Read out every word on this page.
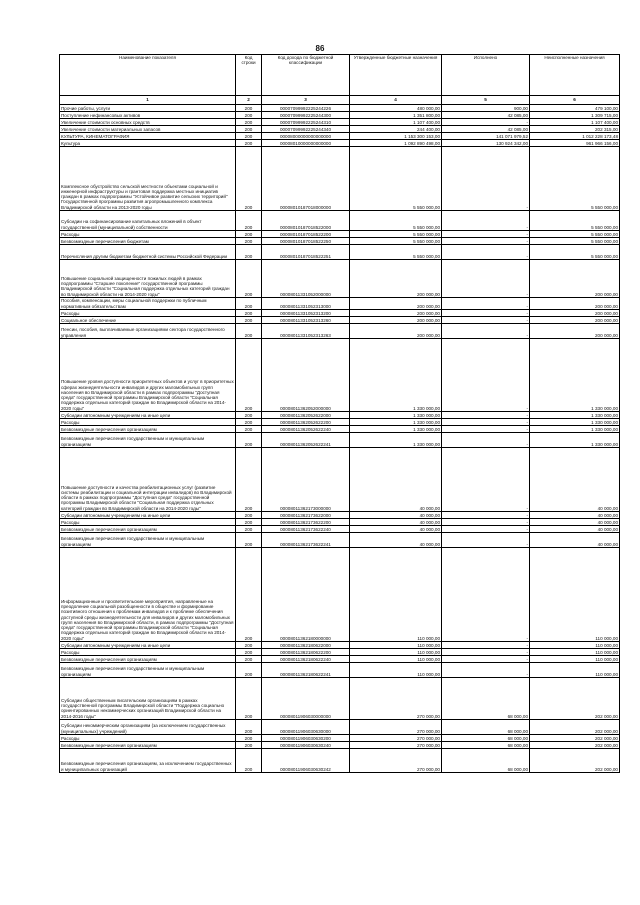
86
Наименование показателя	Код строки	Код дохода по бюджетной классификации	Утвержденные бюджетные назначения	Исполнено	Неисполненные назначения
1	2	3	4	5	6
Прочие работы, услуги	200	00007099992225244226	480 000,00	900,00	479 100,00
Поступление нефинансовых активов	200	00007099992225244300	1 351 800,00	42 085,00	1 309 715,00
Увеличение стоимости основных средств	200	00007099992225244310	1 107 400,00	-	1 107 400,00
Увеличение стоимости материальных запасов	200	00007099992225244340	244 400,00	42 085,00	202 315,00
КУЛЬТУРА, КИНЕМАТОГРАФИЯ	200	00008000000000000000	1 153 300 153,00	141 071 979,52	1 012 228 173,48
Культура	200	00008010000000000000	1 092 890 498,00	130 924 342,00	961 966 156,00
Комплексное обустройство сельской местности объектами социальной и инженерной инфраструктуры и грантовая поддержка местных инициатив граждан в рамках подпрограммы "Устойчивое развитие сельских территорий" Государственной программы развития агропромышленного комплекса Владимирской области на 2013-2020 годы	200	00008010187018000000	5 550 000,00	-	5 550 000,00
Субсидии на софинансирование капитальных вложений в объект государственной (муниципальной) собственности	200	00008010187018522000	5 550 000,00	-	5 550 000,00
Расходы	200	00008010187018522200	5 550 000,00	-	5 550 000,00
Безвозмездные перечисления бюджетам	200	00008010187018522250	5 550 000,00	-	5 550 000,00
Перечисления другим бюджетам бюджетной системы Российской Федерации	200	00008010187018522251	5 550 000,00	-	5 550 000,00
Повышение социальной защищенности пожилых людей в рамках подпрограммы "Старшее поколение" государственной программы Владимирской области "Социальная поддержка отдельных категорий граждан во Владимирской области на 2014-2020 годы"	200	00008011331052000000	200 000,00	-	200 000,00
Пособия, компенсации, меры социальной поддержки по публичным нормативным обязательствам	200	00008011331052313000	200 000,00	-	200 000,00
Расходы	200	00008011331052313200	200 000,00	-	200 000,00
Социальное обеспечение	200	00008011331052313260	200 000,00	-	200 000,00
Пенсии, пособия, выплачиваемые организациями сектора государственного управления	200	00008011331052313263	200 000,00	-	200 000,00
Повышение уровня доступности приоритетных объектов и услуг в приоритетных сферах жизнедеятельности инвалидов и других маломобильных групп населения во Владимирской области в рамках подпрограммы "Доступная среда" государственной программы Владимирской области "Социальная поддержка отдельных категорий граждан во Владимирской области на 2014-2020 годы"	200	00008011362052000000	1 330 000,00	-	1 330 000,00
Субсидии автономным учреждениям на иные цели	200	00008011362052622000	1 330 000,00	-	1 330 000,00
Расходы	200	00008011362052622200	1 330 000,00	-	1 330 000,00
Безвозмездные перечисления организациям	200	00008011362052622240	1 330 000,00	-	1 330 000,00
Безвозмездные перечисления государственным и муниципальным организациям	200	00008011362052622241	1 330 000,00	-	1 330 000,00
Повышение доступности и качества реабилитационных услуг (развитие системы реабилитации и социальной интеграции инвалидов) во Владимирской области в рамках подпрограммы "Доступная среда" государственной программы Владимирской области "Социальная поддержка отдельных категорий граждан во Владимирской области на 2014-2020 годы"	200	00008011362173000000	40 000,00	-	40 000,00
Субсидии автономным учреждениям на иные цели	200	00008011362173622000	40 000,00	-	40 000,00
Расходы	200	00008011362173622200	40 000,00	-	40 000,00
Безвозмездные перечисления организациям	200	00008011362173622240	40 000,00	-	40 000,00
Безвозмездные перечисления государственным и муниципальным организациям	200	00008011362173622241	40 000,00	-	40 000,00
Информационные и просветительские мероприятия, направленные на преодоление социальной разобщенности в обществе и формирование позитивного отношения к проблемам инвалидов и к проблеме обеспечения доступной среды жизнедеятельности для инвалидов и других маломобильных групп населения во Владимирской области, в рамках подпрограммы "Доступная среда" государственной программы Владимирской области "Социальная поддержка отдельных категорий граждан во Владимирской области на 2014-2020 годы"	200	00008011362180000000	110 000,00	-	110 000,00
Субсидии автономным учреждениям на иные цели	200	00008011362180622000	110 000,00	-	110 000,00
Расходы	200	00008011362180622200	110 000,00	-	110 000,00
Безвозмездные перечисления организациям	200	00008011362180622240	110 000,00	-	110 000,00
Безвозмездные перечисления государственным и муниципальным организациям	200	00008011362180622241	110 000,00	-	110 000,00
Субсидии общественным писательским организациям в рамках государственной программы Владимирской области "Поддержка социально ориентированных некоммерческих организаций Владимирской области на 2014-2016 годы"	200	00008011906030000000	270 000,00	68 000,00	202 000,00
Субсидии некоммерческим организациям (за исключением государственных (муниципальных) учреждений)	200	00008011906030630000	270 000,00	68 000,00	202 000,00
Расходы	200	00008011906030630200	270 000,00	68 000,00	202 000,00
Безвозмездные перечисления организациям	200	00008011906030630240	270 000,00	68 000,00	202 000,00
Безвозмездные перечисления организациям, за исключением государственных и муниципальных организаций	200	00008011906030630242	270 000,00	68 000,00	202 000,00
